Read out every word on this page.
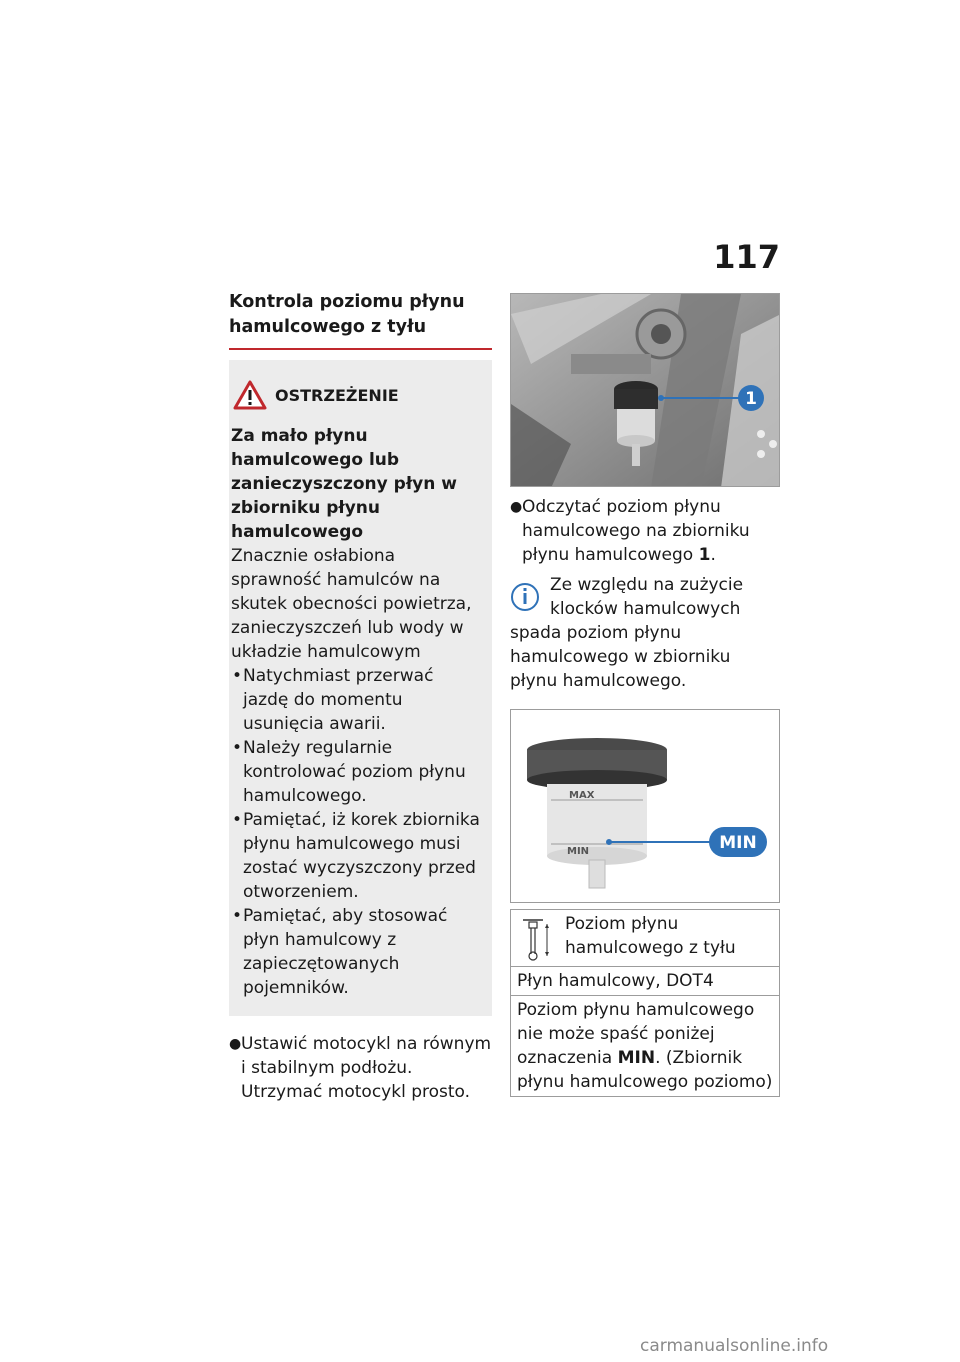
117
Kontrola poziomu płynu hamulcowego z tyłu
OSTRZEŻENIE

Za mało płynu hamulcowego lub zanieczyszczony płyn w zbiorniku płynu hamulcowego

Znacznie osłabiona sprawność hamulców na skutek obecności powietrza, zanieczyszczeń lub wody w układzie hamulcowym

• Natychmiast przerwać jazdę do momentu usunięcia awarii.
• Należy regularnie kontrolować poziom płynu hamulcowego.
• Pamiętać, iż korek zbiornika płynu hamulcowego musi zostać wyczyszczony przed otworzeniem.
• Pamiętać, aby stosować płyn hamulcowy z zapieczętowanych pojemników.
● Ustawić motocykl na równym i stabilnym podłożu. Utrzymać motocykl prosto.
1
● Odczytać poziom płynu hamulcowego na zbiorniku płynu hamulcowego 1.
Ze względu na zużycie klocków hamulcowych spada poziom płynu hamulcowego w zbiorniku płynu hamulcowego.
MAX
MIN	MIN
Poziom płynu hamulcowego z tyłu
Płyn hamulcowy, DOT4
Poziom płynu hamulcowego nie może spaść poniżej oznaczenia MIN. (Zbiornik płynu hamulcowego poziomo)
carmanualsonline.info
